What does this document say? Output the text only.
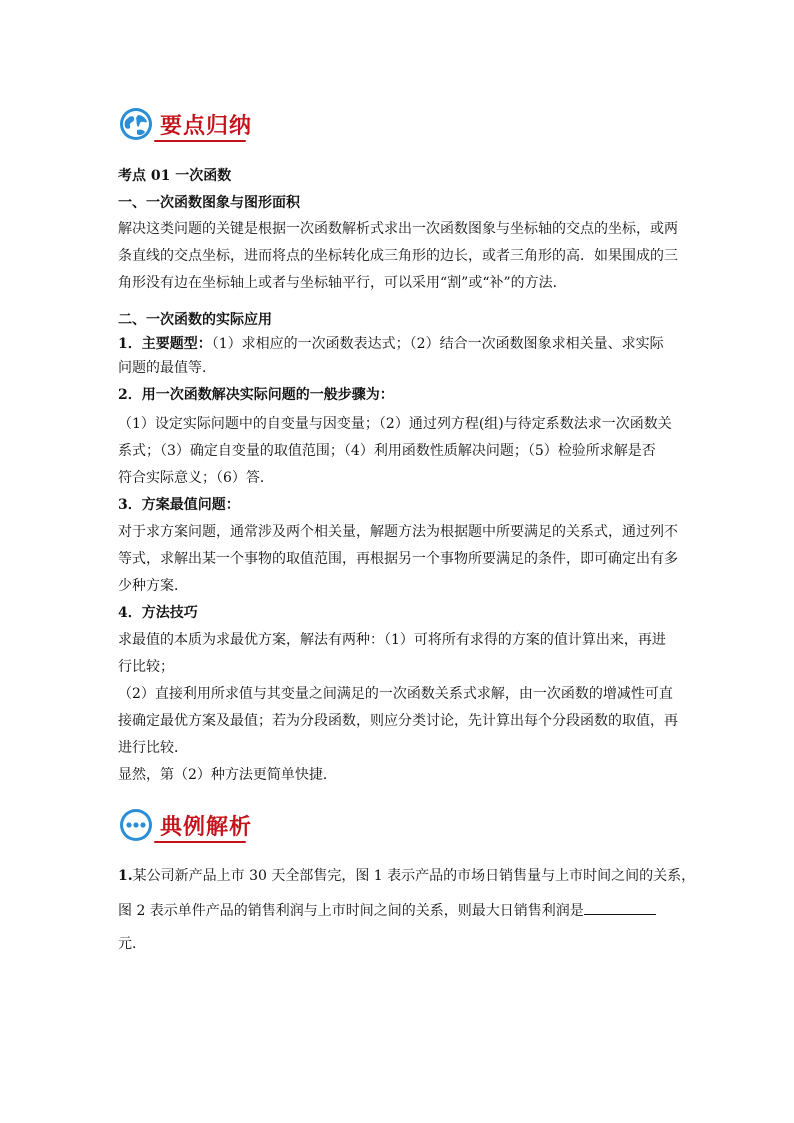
要点归纳
考点 01 一次函数
一、一次函数图象与图形面积
解决这类问题的关键是根据一次函数解析式求出一次函数图象与坐标轴的交点的坐标，或两
条直线的交点坐标，进而将点的坐标转化成三角形的边长，或者三角形的高．如果围成的三
角形没有边在坐标轴上或者与坐标轴平行，可以采用“割”或“补”的方法．
二、一次函数的实际应用
1．主要题型：（1）求相应的一次函数表达式；（2）结合一次函数图象求相关量、求实际
问题的最值等．
2．用一次函数解决实际问题的一般步骤为：
（1）设定实际问题中的自变量与因变量；（2）通过列方程(组)与待定系数法求一次函数关
系式；（3）确定自变量的取值范围；（4）利用函数性质解决问题；（5）检验所求解是否
符合实际意义；（6）答．
3．方案最值问题：
对于求方案问题，通常涉及两个相关量，解题方法为根据题中所要满足的关系式，通过列不
等式，求解出某一个事物的取值范围，再根据另一个事物所要满足的条件，即可确定出有多
少种方案．
4．方法技巧
求最值的本质为求最优方案，解法有两种：（1）可将所有求得的方案的值计算出来，再进
行比较；
（2）直接利用所求值与其变量之间满足的一次函数关系式求解，由一次函数的增减性可直
接确定最优方案及最值；若为分段函数，则应分类讨论，先计算出每个分段函数的取值，再
进行比较．
显然，第（2）种方法更简单快捷．
典例解析
1.某公司新产品上市 30 天全部售完，图 1 表示产品的市场日销售量与上市时间之间的关系，
图 2 表示单件产品的销售利润与上市时间之间的关系，则最大日销售利润是
元．
